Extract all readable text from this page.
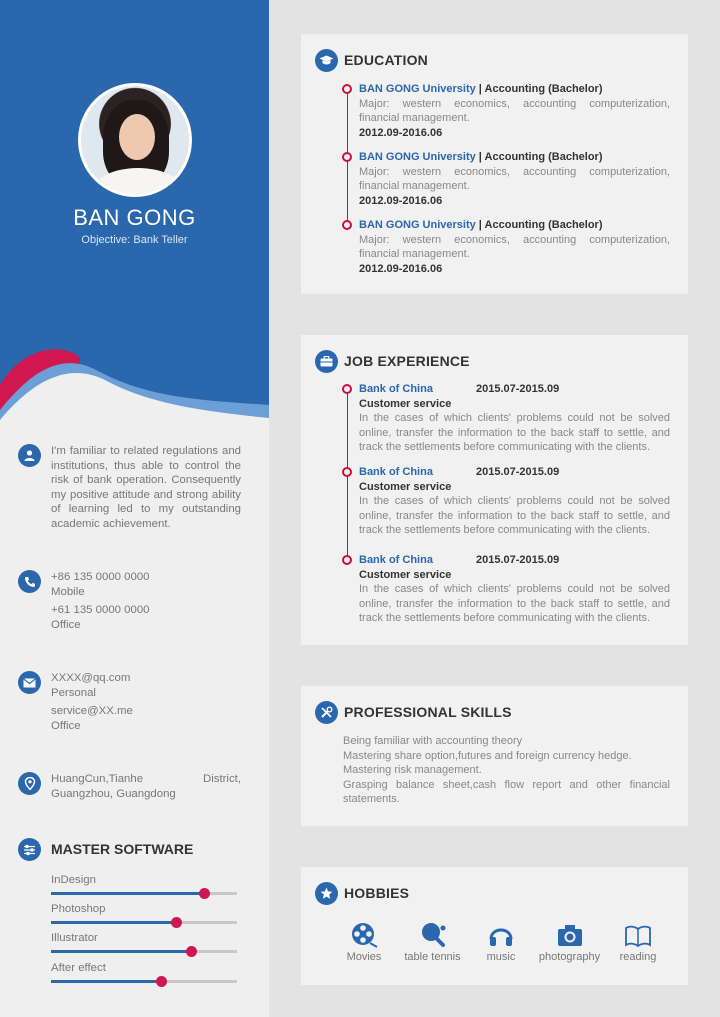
BAN GONG
Objective: Bank Teller
I'm familiar to related regulations and institutions, thus able to control the risk of bank operation. Consequently my positive attitude and strong ability of learning led to my outstanding academic achievement.
+86 135 0000 0000
Mobile
+61 135 0000 0000
Office
XXXX@qq.com
Personal
service@XX.me
Office
HuangCun,Tianhe District, Guangzhou, Guangdong
MASTER SOFTWARE
InDesign
Photoshop
Illustrator
After effect
EDUCATION
BAN GONG University | Accounting (Bachelor)
Major: western economics, accounting computerization, financial management.
2012.09-2016.06
BAN GONG University | Accounting (Bachelor)
Major: western economics, accounting computerization, financial management.
2012.09-2016.06
BAN GONG University | Accounting (Bachelor)
Major: western economics, accounting computerization, financial management.
2012.09-2016.06
JOB EXPERIENCE
Bank of China	2015.07-2015.09
Customer service
In the cases of which clients' problems could not be solved online, transfer the information to the back staff to settle, and track the settlements before communicating with the clients.
Bank of China	2015.07-2015.09
Customer service
In the cases of which clients' problems could not be solved online, transfer the information to the back staff to settle, and track the settlements before communicating with the clients.
Bank of China	2015.07-2015.09
Customer service
In the cases of which clients' problems could not be solved online, transfer the information to the back staff to settle, and track the settlements before communicating with the clients.
PROFESSIONAL SKILLS
Being familiar with accounting theory
Mastering share option,futures and foreign currency hedge.
Mastering risk management.
Grasping balance sheet,cash flow report and other financial statements.
HOBBIES
Movies	table tennis	music	photography	reading
